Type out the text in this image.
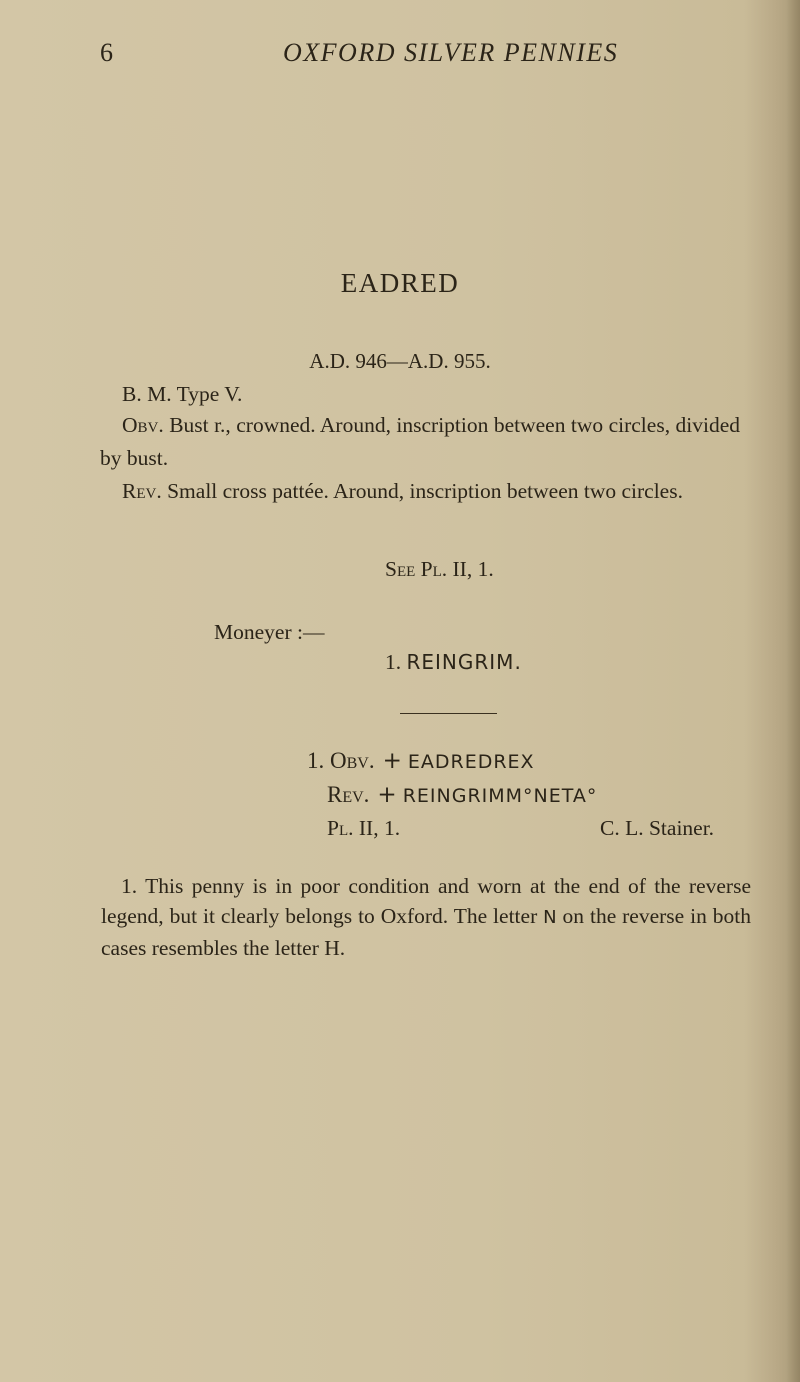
6	OXFORD SILVER PENNIES
EADRED
A.D. 946—A.D. 955.
B. M. Type V.

Obv. Bust r., crowned. Around, inscription between two circles, divided by bust.

Rev. Small cross pattée. Around, inscription between two circles.

See Pl. II, 1.
Moneyer :—
1. REINGRIM.
1. Obv. + EADREDREX
Rev. + REINGRIMM°NETA°
Pl. II, 1.	C. L. Stainer.

1. This penny is in poor condition and worn at the end of the reverse legend, but it clearly belongs to Oxford. The letter N on the reverse in both cases resembles the letter H.
